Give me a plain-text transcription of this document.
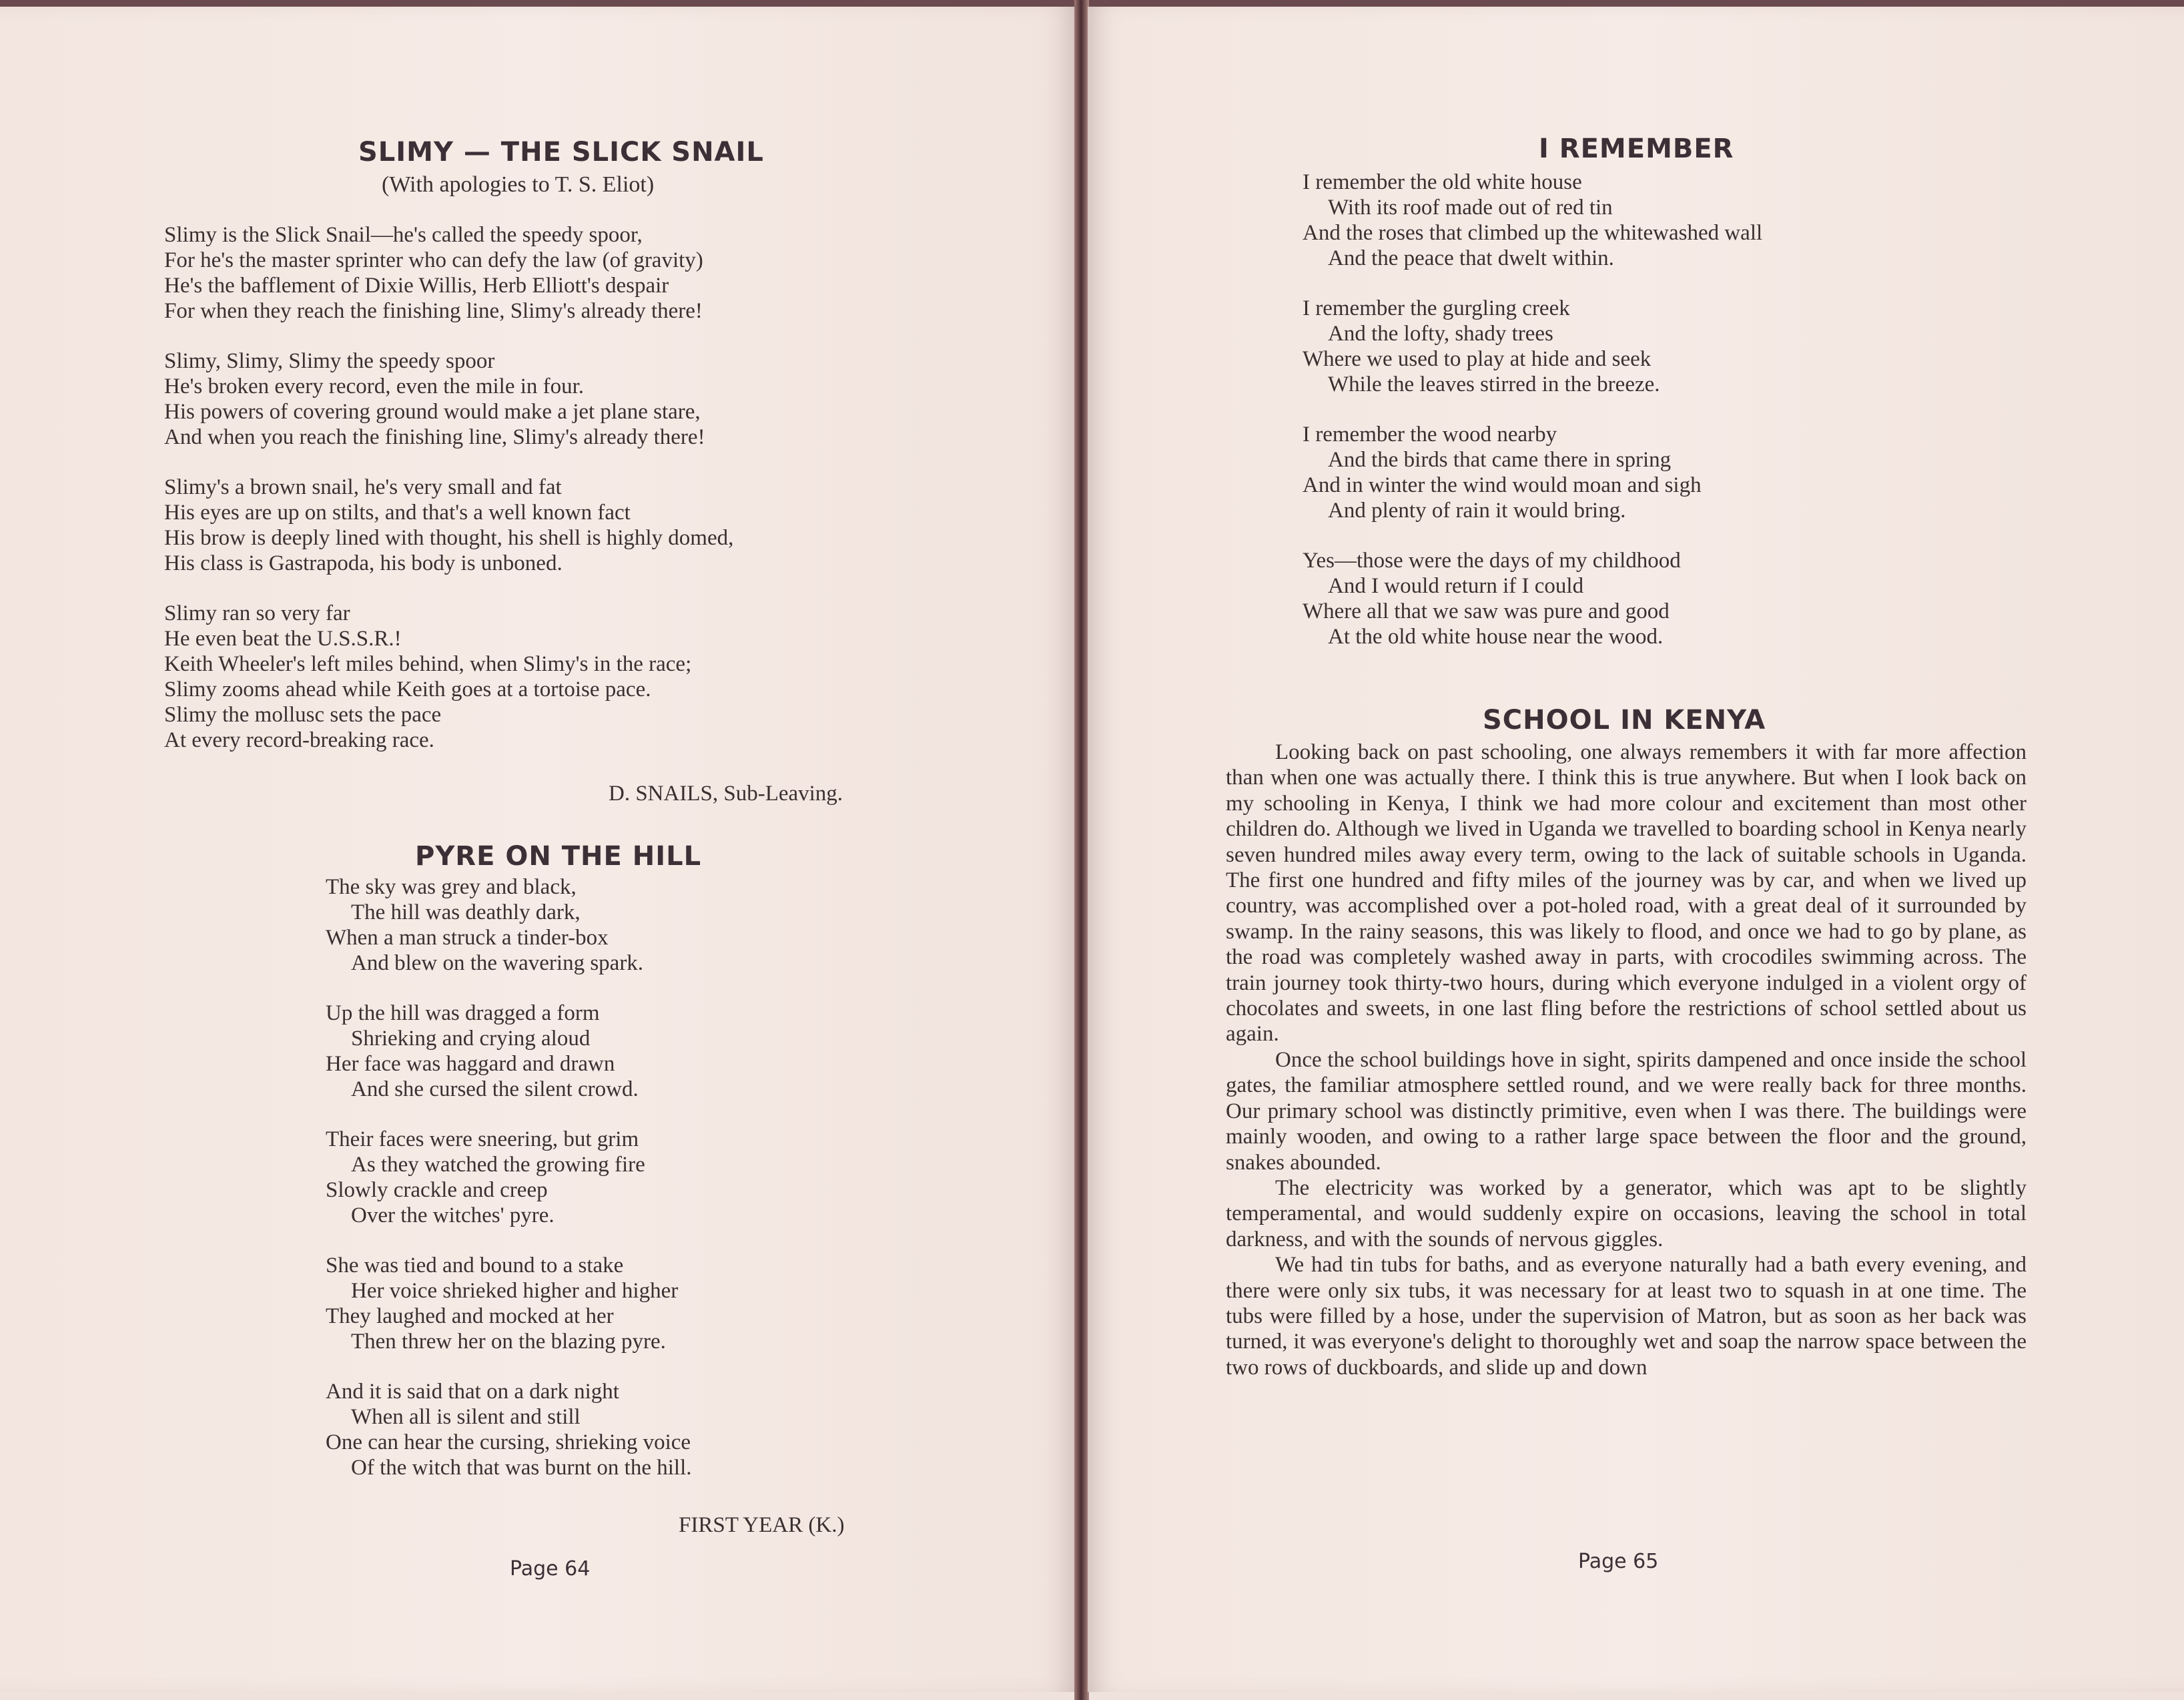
SLIMY — THE SLICK SNAIL

(With apologies to T. S. Eliot)

Slimy is the Slick Snail—he's called the speedy spoor,

For he's the master sprinter who can defy the law (of gravity)

He's the bafflement of Dixie Willis, Herb Elliott's despair

For when they reach the finishing line, Slimy's already there!

Slimy, Slimy, Slimy the speedy spoor

He's broken every record, even the mile in four.

His powers of covering ground would make a jet plane stare,

And when you reach the finishing line, Slimy's already there!

Slimy's a brown snail, he's very small and fat

His eyes are up on stilts, and that's a well known fact

His brow is deeply lined with thought, his shell is highly domed,

His class is Gastrapoda, his body is unboned.

Slimy ran so very far

He even beat the U.S.S.R.!

Keith Wheeler's left miles behind, when Slimy's in the race;

Slimy zooms ahead while Keith goes at a tortoise pace.

Slimy the mollusc sets the pace

At every record-breaking race.

D. SNAILS, Sub-Leaving.

PYRE ON THE HILL

The sky was grey and black,

The hill was deathly dark,

When a man struck a tinder-box

And blew on the wavering spark.

Up the hill was dragged a form

Shrieking and crying aloud

Her face was haggard and drawn

And she cursed the silent crowd.

Their faces were sneering, but grim

As they watched the growing fire

Slowly crackle and creep

Over the witches' pyre.

She was tied and bound to a stake

Her voice shrieked higher and higher

They laughed and mocked at her

Then threw her on the blazing pyre.

And it is said that on a dark night

When all is silent and still

One can hear the cursing, shrieking voice

Of the witch that was burnt on the hill.

FIRST YEAR (K.)

Page 64

I REMEMBER

I remember the old white house

With its roof made out of red tin

And the roses that climbed up the whitewashed wall

And the peace that dwelt within.

I remember the gurgling creek

And the lofty, shady trees

Where we used to play at hide and seek

While the leaves stirred in the breeze.

I remember the wood nearby

And the birds that came there in spring

And in winter the wind would moan and sigh

And plenty of rain it would bring.

Yes—those were the days of my childhood

And I would return if I could

Where all that we saw was pure and good

At the old white house near the wood.

SCHOOL IN KENYA

Looking back on past schooling, one always remembers it with far more affection than when one was actually there. I think this is true anywhere. But when I look back on my schooling in Kenya, I think we had more colour and excitement than most other children do. Although we lived in Uganda we travelled to boarding school in Kenya nearly seven hundred miles away every term, owing to the lack of suitable schools in Uganda. The first one hundred and fifty miles of the journey was by car, and when we lived up country, was accomplished over a pot-holed road, with a great deal of it surrounded by swamp. In the rainy seasons, this was likely to flood, and once we had to go by plane, as the road was completely washed away in parts, with crocodiles swimming across. The train journey took thirty-two hours, during which everyone indulged in a violent orgy of chocolates and sweets, in one last fling before the restrictions of school settled about us again.

Once the school buildings hove in sight, spirits dampened and once inside the school gates, the familiar atmosphere settled round, and we were really back for three months. Our primary school was distinctly primitive, even when I was there. The buildings were mainly wooden, and owing to a rather large space between the floor and the ground, snakes abounded.

The electricity was worked by a generator, which was apt to be slightly temperamental, and would suddenly expire on occasions, leaving the school in total darkness, and with the sounds of nervous giggles.

We had tin tubs for baths, and as everyone naturally had a bath every evening, and there were only six tubs, it was necessary for at least two to squash in at one time. The tubs were filled by a hose, under the supervision of Matron, but as soon as her back was turned, it was everyone's delight to thoroughly wet and soap the narrow space between the two rows of duckboards, and slide up and down

Page 65
